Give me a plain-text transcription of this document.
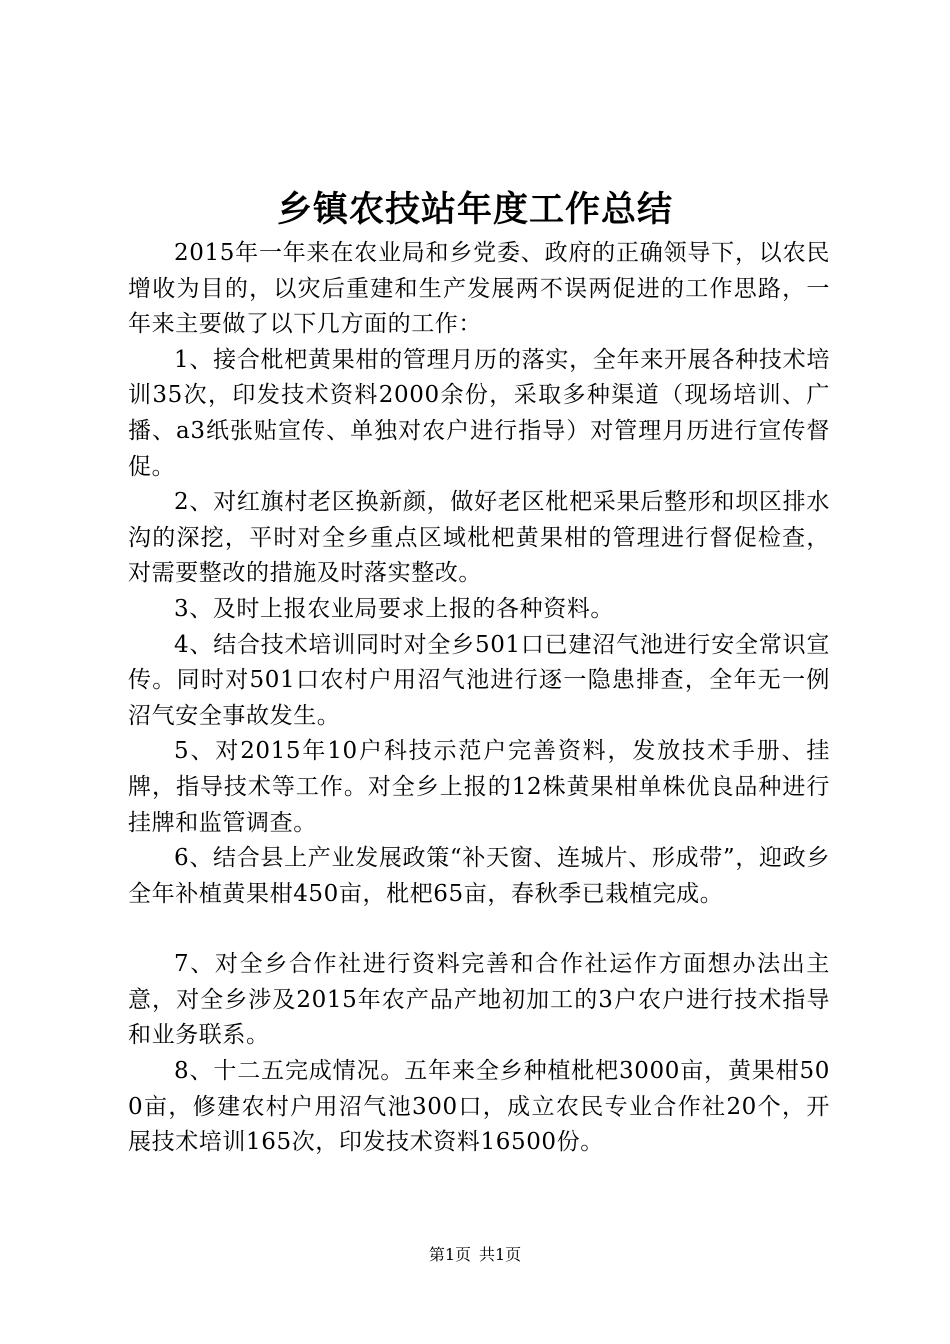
乡镇农技站年度工作总结

2015年一年来在农业局和乡党委、政府的正确领导下，以农民增收为目的，以灾后重建和生产发展两不误两促进的工作思路，一年来主要做了以下几方面的工作：

1、接合枇杷黄果柑的管理月历的落实，全年来开展各种技术培训35次，印发技术资料2000余份，采取多种渠道（现场培训、广播、a3纸张贴宣传、单独对农户进行指导）对管理月历进行宣传督促。

2、对红旗村老区换新颜，做好老区枇杷采果后整形和坝区排水沟的深挖，平时对全乡重点区域枇杷黄果柑的管理进行督促检查，对需要整改的措施及时落实整改。

3、及时上报农业局要求上报的各种资料。

4、结合技术培训同时对全乡501口已建沼气池进行安全常识宣传。同时对501口农村户用沼气池进行逐一隐患排查，全年无一例沼气安全事故发生。

5、对2015年10户科技示范户完善资料，发放技术手册、挂牌，指导技术等工作。对全乡上报的12株黄果柑单株优良品种进行挂牌和监管调查。

6、结合县上产业发展政策“补天窗、连城片、形成带”，迎政乡全年补植黄果柑450亩，枇杷65亩，春秋季已栽植完成。

7、对全乡合作社进行资料完善和合作社运作方面想办法出主意，对全乡涉及2015年农产品产地初加工的3户农户进行技术指导和业务联系。

8、十二五完成情况。五年来全乡种植枇杷3000亩，黄果柑500亩，修建农村户用沼气池300口，成立农民专业合作社20个，开展技术培训165次，印发技术资料16500份。

第1页 共1页
